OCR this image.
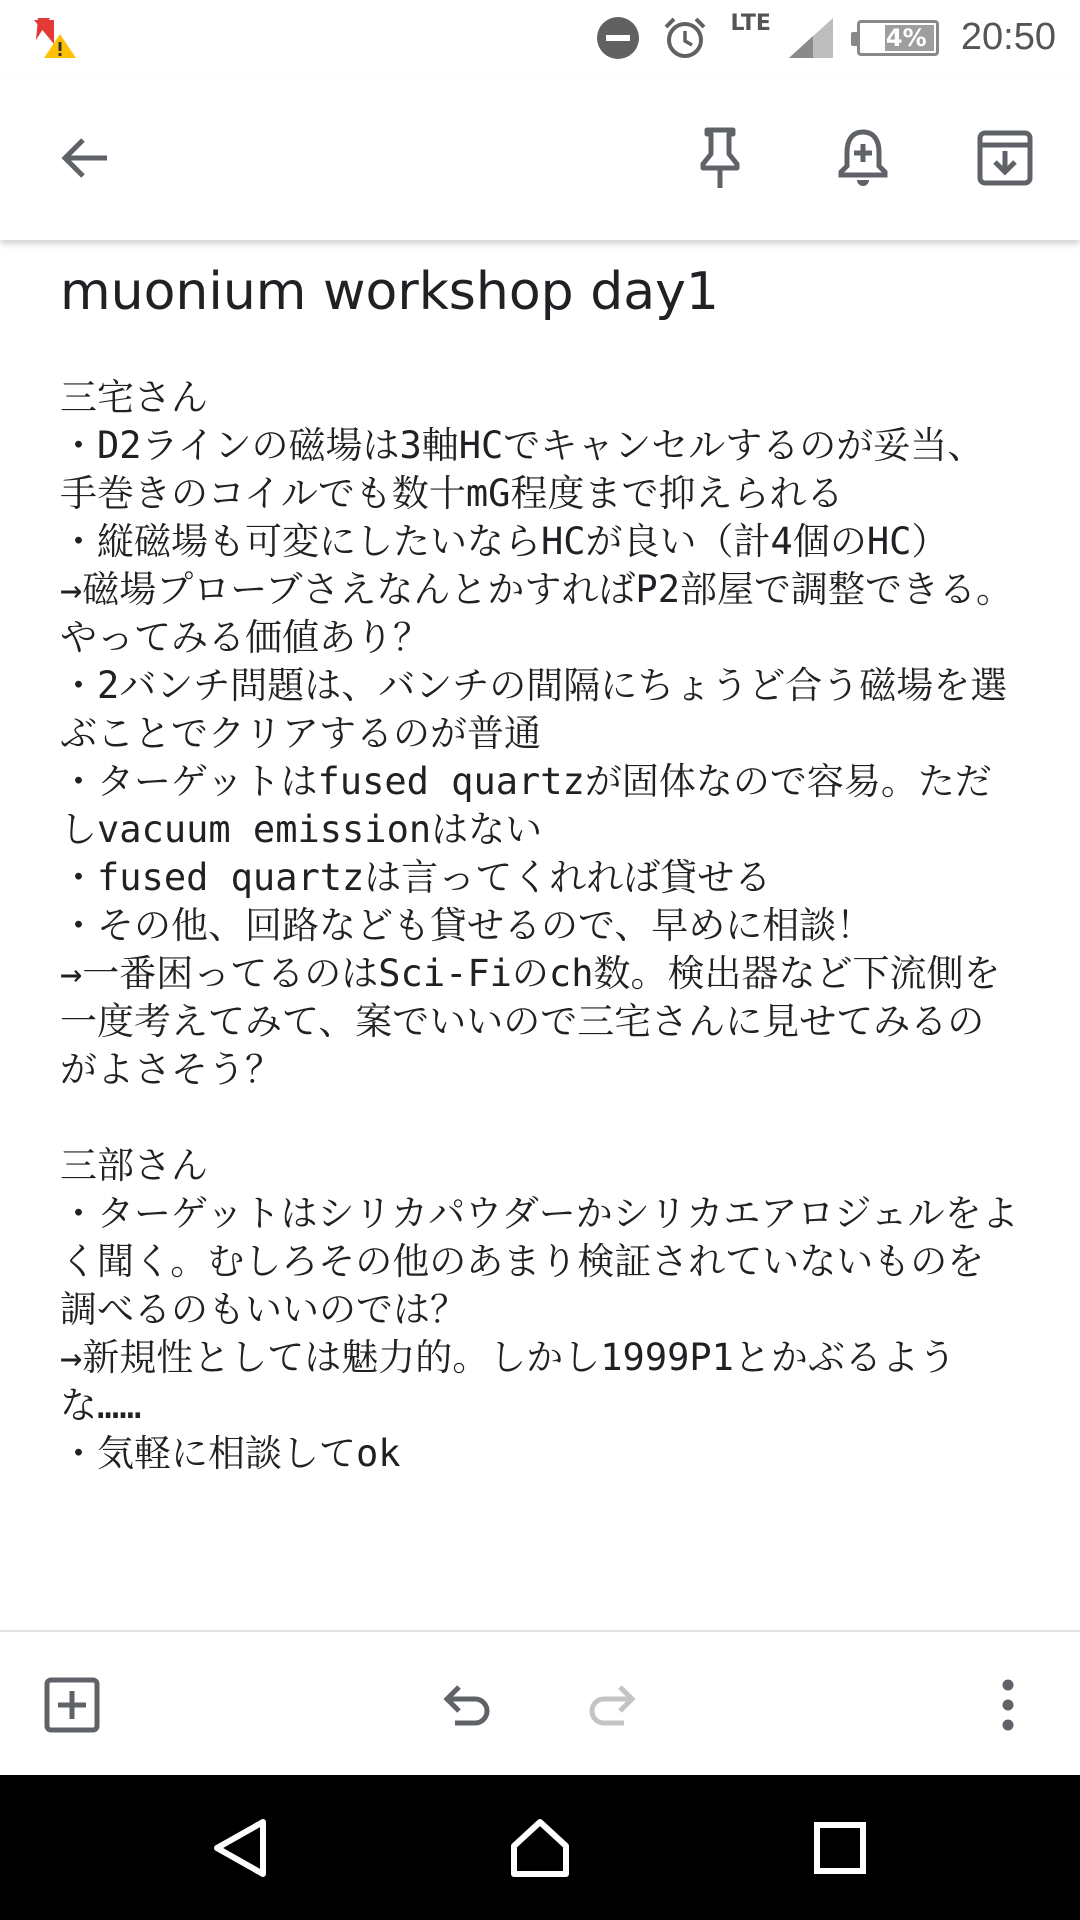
LTE	64% 20:50
muonium workshop day1
三宅さん
・D2ラインの磁場は3軸HCでキャンセルするのが妥当、手巻きのコイルでも数十mG程度まで抑えられる
・縦磁場も可変にしたいならHCが良い（計4個のHC）
→磁場プローブさえなんとかすればP2部屋で調整できる。やってみる価値あり？
・2バンチ問題は、バンチの間隔にちょうど合う磁場を選ぶことでクリアするのが普通
・ターゲットはfused quartzが固体なので容易。ただしvacuum emissionはない
・fused quartzは言ってくれれば貸せる
・その他、回路なども貸せるので、早めに相談！
→一番困ってるのはSci-Fiのch数。検出器など下流側を一度考えてみて、案でいいので三宅さんに見せてみるのがよさそう？

三部さん
・ターゲットはシリカパウダーかシリカエアロジェルをよく聞く。むしろその他のあまり検証されていないものを調べるのもいいのでは？
→新規性としては魅力的。しかし1999P1とかぶるような……
・気軽に相談してok
